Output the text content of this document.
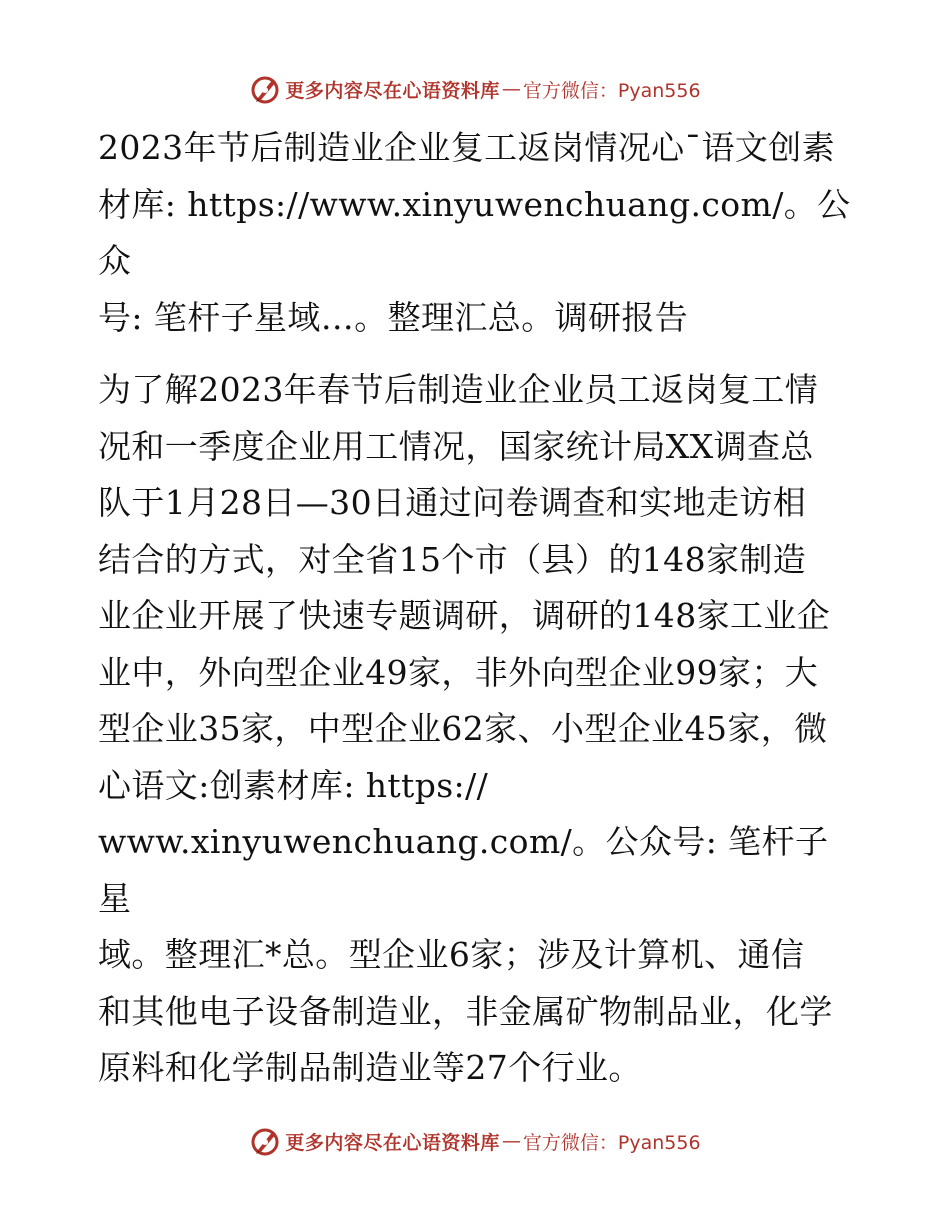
更多内容尽在心语资料库 — 官方微信：Pyan556

2023年节后制造业企业复工返岗情况心¯语文创素
材库: https://www.xinyuwenchuang.com/。公众
号: 笔杆子星域…。整理汇总。调研报告

为了解2023年春节后制造业企业员工返岗复工情
况和一季度企业用工情况，国家统计局XX调查总
队于1月28日—30日通过问卷调查和实地走访相
结合的方式，对全省15个市（县）的148家制造
业企业开展了快速专题调研，调研的148家工业企
业中，外向型企业49家，非外向型企业99家；大
型企业35家，中型企业62家、小型企业45家，微
心语文:创素材库: https://
www.xinyuwenchuang.com/。公众号: 笔杆子星
域。整理汇*总。型企业6家；涉及计算机、通信
和其他电子设备制造业，非金属矿物制品业，化学
原料和化学制品制造业等27个行业。

更多内容尽在心语资料库 — 官方微信：Pyan556
